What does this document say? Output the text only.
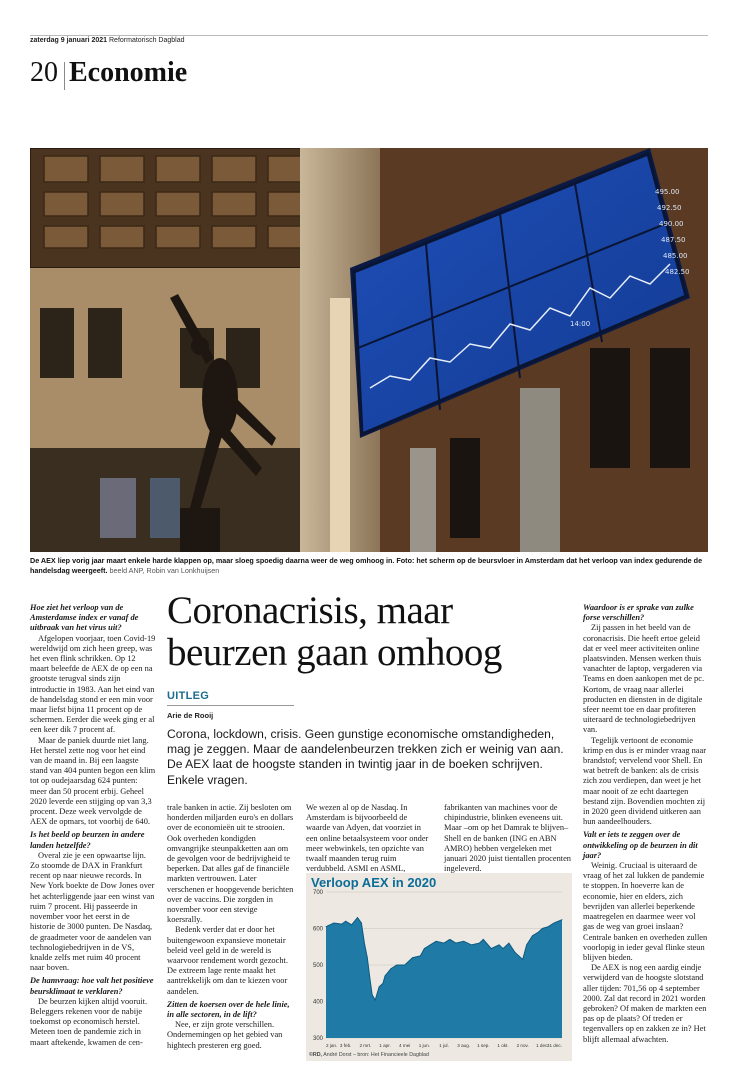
zaterdag 9 januari 2021 Reformatorisch Dagblad
20 Economie
495.00
492.50
490.00
487.50
485.00
482.50
14:00
De AEX liep vorig jaar maart enkele harde klappen op, maar sloeg spoedig daarna weer de weg omhoog in. Foto: het scherm op de beursvloer in Amsterdam dat het verloop van index gedurende de handelsdag weergeeft. beeld ANP, Robin van Lonkhuijsen
Coronacrisis, maar beurzen gaan omhoog
UITLEG
Arie de Rooij
Corona, lockdown, crisis. Geen gunstige economische omstandigheden, mag je zeggen. Maar de aandelenbeurzen trekken zich er weinig van aan. De AEX laat de hoogste standen in twintig jaar in de boeken schrijven. Enkele vragen.

Hoe ziet het verloop van de Amsterdamse index er vanaf de uitbraak van het virus uit?

Afgelopen voorjaar, toen Covid-19 wereldwijd om zich heen greep, was het even flink schrikken. Op 12 maart beleefde de AEX de op een na grootste terugval sinds zijn introductie in 1983. Aan het eind van de handelsdag stond er een min voor maar liefst bijna 11 procent op de schermen. Eerder die week ging er al een keer dik 7 procent af.

Maar de paniek duurde niet lang. Het herstel zette nog voor het eind van de maand in. Bij een laagste stand van 404 punten begon een klim tot op oudejaarsdag 624 punten: meer dan 50 procent erbij. Geheel 2020 leverde een stijging op van 3,3 procent. Deze week vervolgde de AEX de opmars, tot voorbij de 640.

Is het beeld op beurzen in andere landen hetzelfde?

Overal zie je een opwaartse lijn. Zo stoomde de DAX in Frankfurt recent op naar nieuwe records. In New York boekte de Dow Jones over het achterliggende jaar een winst van ruim 7 procent. Hij passeerde in november voor het eerst in de historie de 3000 punten. De Nasdaq, de graadmeter voor de aandelen van technologiebedrijven in de VS, knalde zelfs met ruim 40 procent naar boven.

De hamvraag: hoe valt het positieve beursklimaat te verklaren?

De beurzen kijken altijd vooruit. Beleggers rekenen voor de nabije toekomst op economisch herstel. Meteen toen de pandemie zich in maart aftekende, kwamen de cen-

trale banken in actie. Zij besloten om honderden miljarden euro's en dollars over de economieën uit te strooien. Ook overheden kondigden omvangrijke steunpakketten aan om de gevolgen voor de bedrijvigheid te beperken. Dat alles gaf de financiële markten vertrouwen. Later verschenen er hoopgevende berichten over de vaccins. Die zorgden in november voor een stevige koersrally.

Bedenk verder dat er door het buitengewoon expansieve monetair beleid veel geld in de wereld is waarvoor rendement wordt gezocht. De extreem lage rente maakt het aantrekkelijk om dan te kiezen voor aandelen.

Zitten de koersen over de hele linie, in alle sectoren, in de lift?

Nee, er zijn grote verschillen. Ondernemingen op het gebied van hightech presteren erg goed.

We wezen al op de Nasdaq. In Amsterdam is bijvoorbeeld de waarde van Adyen, dat voorziet in een online betaalsysteem voor onder meer webwinkels, ten opzichte van twaalf maanden terug ruim verdubbeld. ASMI en ASML,

fabrikanten van machines voor de chipindustrie, blinken eveneens uit. Maar –om op het Damrak te blijven– Shell en de banken (ING en ABN AMRO) hebben vergeleken met januari 2020 juist tientallen procenten ingeleverd.

Waardoor is er sprake van zulke forse verschillen?

Zij passen in het beeld van de coronacrisis. Die heeft ertoe geleid dat er veel meer activiteiten online plaatsvinden. Mensen werken thuis vanachter de laptop, vergaderen via Teams en doen aankopen met de pc. Kortom, de vraag naar allerlei producten en diensten in de digitale sfeer neemt toe en daar profiteren uiteraard de technologiebedrijven van.

Tegelijk vertoont de economie krimp en dus is er minder vraag naar brandstof; vervelend voor Shell. En wat betreft de banken: als de crisis zich zou verdiepen, dan weet je het maar nooit of ze echt daartegen bestand zijn. Bovendien mochten zij in 2020 geen dividend uitkeren aan hun aandeelhouders.

Valt er iets te zeggen over de ontwikkeling op de beurzen in dit jaar?

Weinig. Cruciaal is uiteraard de vraag of het zal lukken de pandemie te stoppen. In hoeverre kan de economie, hier en elders, zich bevrijden van allerlei beperkende maatregelen en daarmee weer vol gas de weg van groei inslaan? Centrale banken en overheden zullen voorlopig in ieder geval flinke steun blijven bieden.

De AEX is nog een aardig eindje verwijderd van de hoogste slotstand aller tijden: 701,56 op 4 september 2000. Zal dat record in 2021 worden gebroken? Of maken de markten een pas op de plaats? Of treden er tegenvallers op en zakken ze in? Het blijft allemaal afwachten.

Verloop AEX in 2020
300
400
500
600
700
2 jan. 3 feb. 2 mrt. 1 apr. 4 mei 1 jun. 1 jul. 3 aug. 1 sep. 1 okt. 2 nov. 1 dec.
31 dec.
©RD, André Dorst – bron: Het Financieele Dagblad
